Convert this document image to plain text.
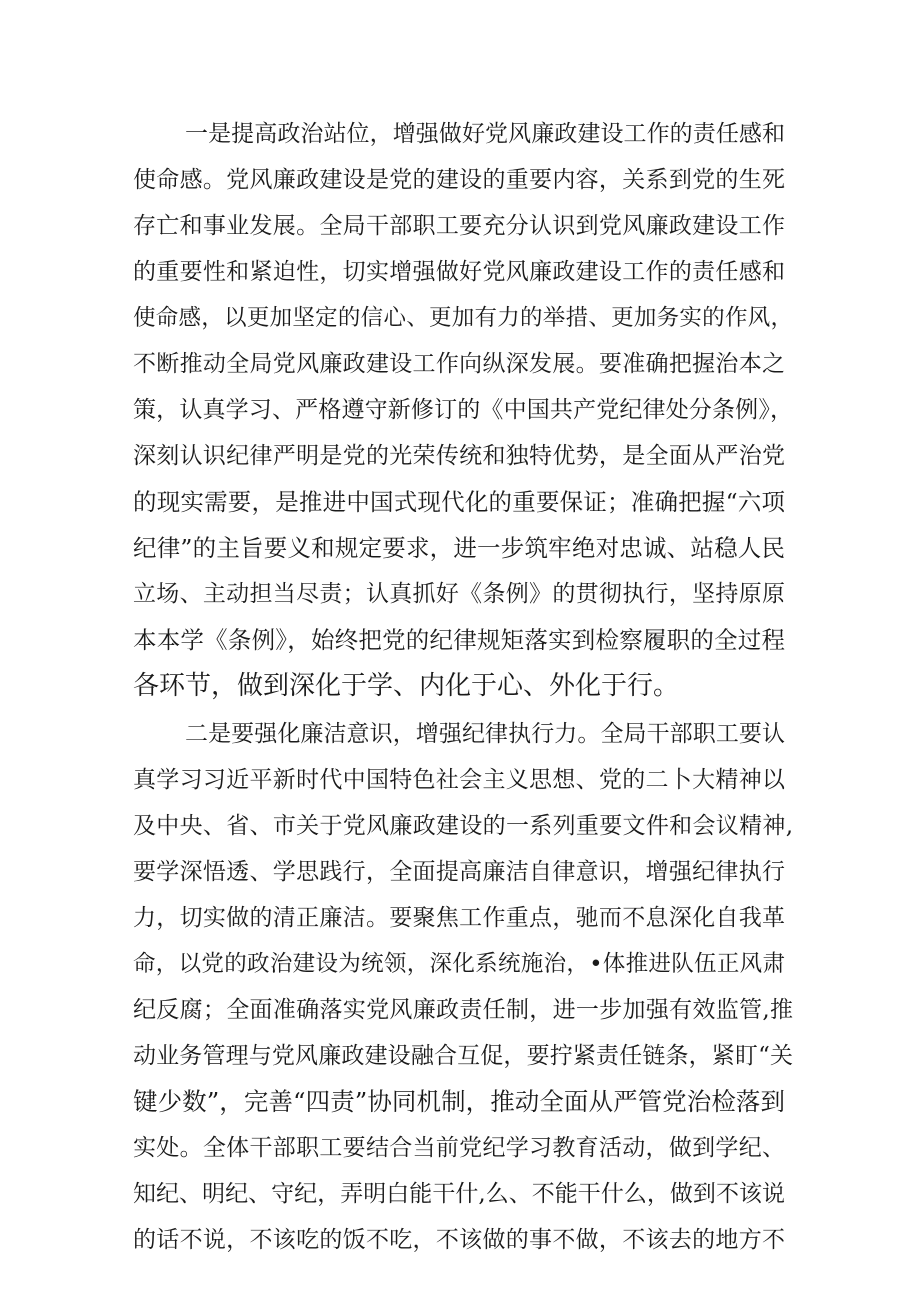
一是提高政治站位，增强做好党风廉政建设工作的责任感和
使命感。党风廉政建设是党的建设的重要内容，关系到党的生死
存亡和事业发展。全局干部职工要充分认识到党风廉政建设工作
的重要性和紧迫性，切实增强做好党风廉政建设工作的责任感和
使命感，以更加坚定的信心、更加有力的举措、更加务实的作风，
不断推动全局党风廉政建设工作向纵深发展。要准确把握治本之
策，认真学习、严格遵守新修订的《中国共产党纪律处分条例》，
深刻认识纪律严明是党的光荣传统和独特优势，是全面从严治党
的现实需要，是推进中国式现代化的重要保证；准确把握“六项
纪律”的主旨要义和规定要求，进一步筑牢绝对忠诚、站稳人民
立场、主动担当尽责；认真抓好《条例》的贯彻执行，坚持原原
本本学《条例》，始终把党的纪律规矩落实到检察履职的全过程
各环节，做到深化于学、内化于心、外化于行。
二是要强化廉洁意识，增强纪律执行力。全局干部职工要认
真学习习近平新时代中国特色社会主义思想、党的二卜大精神以
及中央、省、市关于党风廉政建设的一系列重要文件和会议精神,
要学深悟透、学思践行，全面提高廉洁自律意识，增强纪律执行
力，切实做的清正廉洁。要聚焦工作重点，驰而不息深化自我革
命，以党的政治建设为统领，深化系统施治，•体推进队伍正风肃
纪反腐；全面准确落实党风廉政责任制，进一步加强有效监管,推
动业务管理与党风廉政建设融合互促，要拧紧责任链条，紧盯“关
键少数”，完善“四责”协同机制，推动全面从严管党治检落到
实处。全体干部职工要结合当前党纪学习教育活动，做到学纪、
知纪、明纪、守纪，弄明白能干什,么、不能干什么，做到不该说
的话不说，不该吃的饭不吃，不该做的事不做，不该去的地方不
